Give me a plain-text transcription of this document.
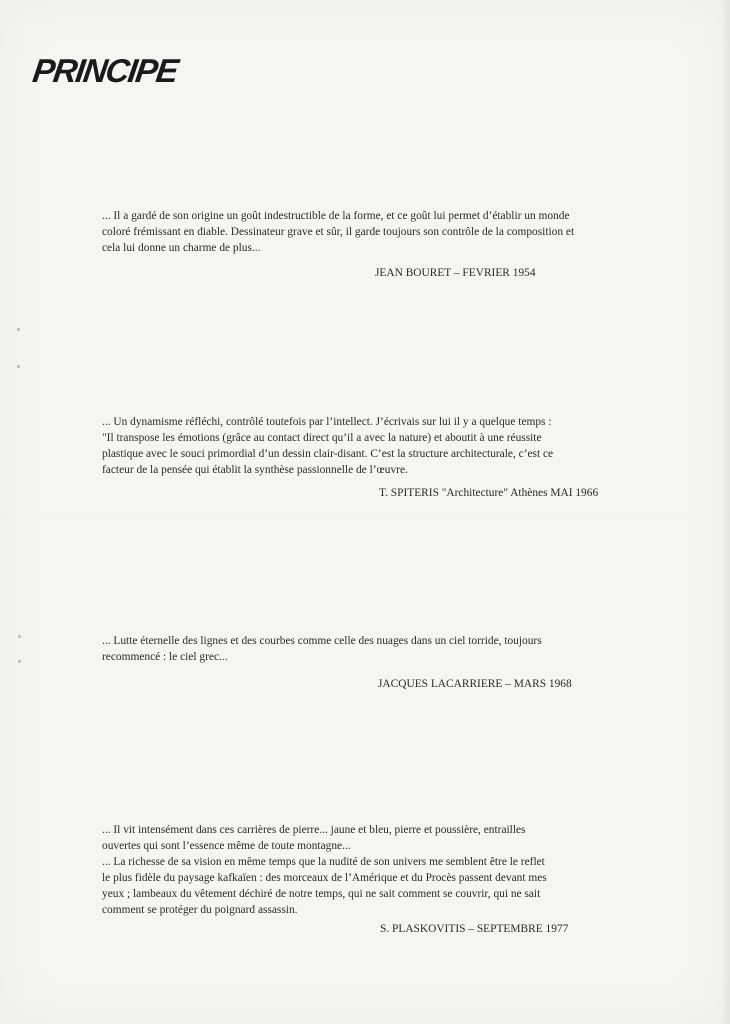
PRINCIPE
... Il a gardé de son origine un goût indestructible de la forme, et ce goût lui permet d’établir un monde
coloré frémissant en diable. Dessinateur grave et sûr, il garde toujours son contrôle de la composition et
cela lui donne un charme de plus...
JEAN BOURET – FEVRIER 1954
... Un dynamisme réfléchi, contrôlé toutefois par l’intellect. J’écrivais sur lui il y a quelque temps :
"Il transpose les émotions (grâce au contact direct qu’il a avec la nature) et aboutit à une réussite
plastique avec le souci primordial d’un dessin clair-disant. C’est la structure architecturale, c’est ce
facteur de la pensée qui établit la synthèse passionnelle de l’œuvre.
T. SPITERIS "Architecture" Athènes MAI 1966
... Lutte éternelle des lignes et des courbes comme celle des nuages dans un ciel torride, toujours
recommencé : le ciel grec...
JACQUES LACARRIERE – MARS 1968
... Il vit intensément dans ces carrières de pierre... jaune et bleu, pierre et poussière, entrailles
ouvertes qui sont l’essence même de toute montagne...
... La richesse de sa vision en même temps que la nudité de son univers me semblent être le reflet
le plus fidèle du paysage kafkaïen : des morceaux de l’Amérique et du Procès passent devant mes
yeux ; lambeaux du vêtement déchiré de notre temps, qui ne sait comment se couvrir, qui ne sait
comment se protéger du poignard assassin.
S. PLASKOVITIS – SEPTEMBRE 1977
